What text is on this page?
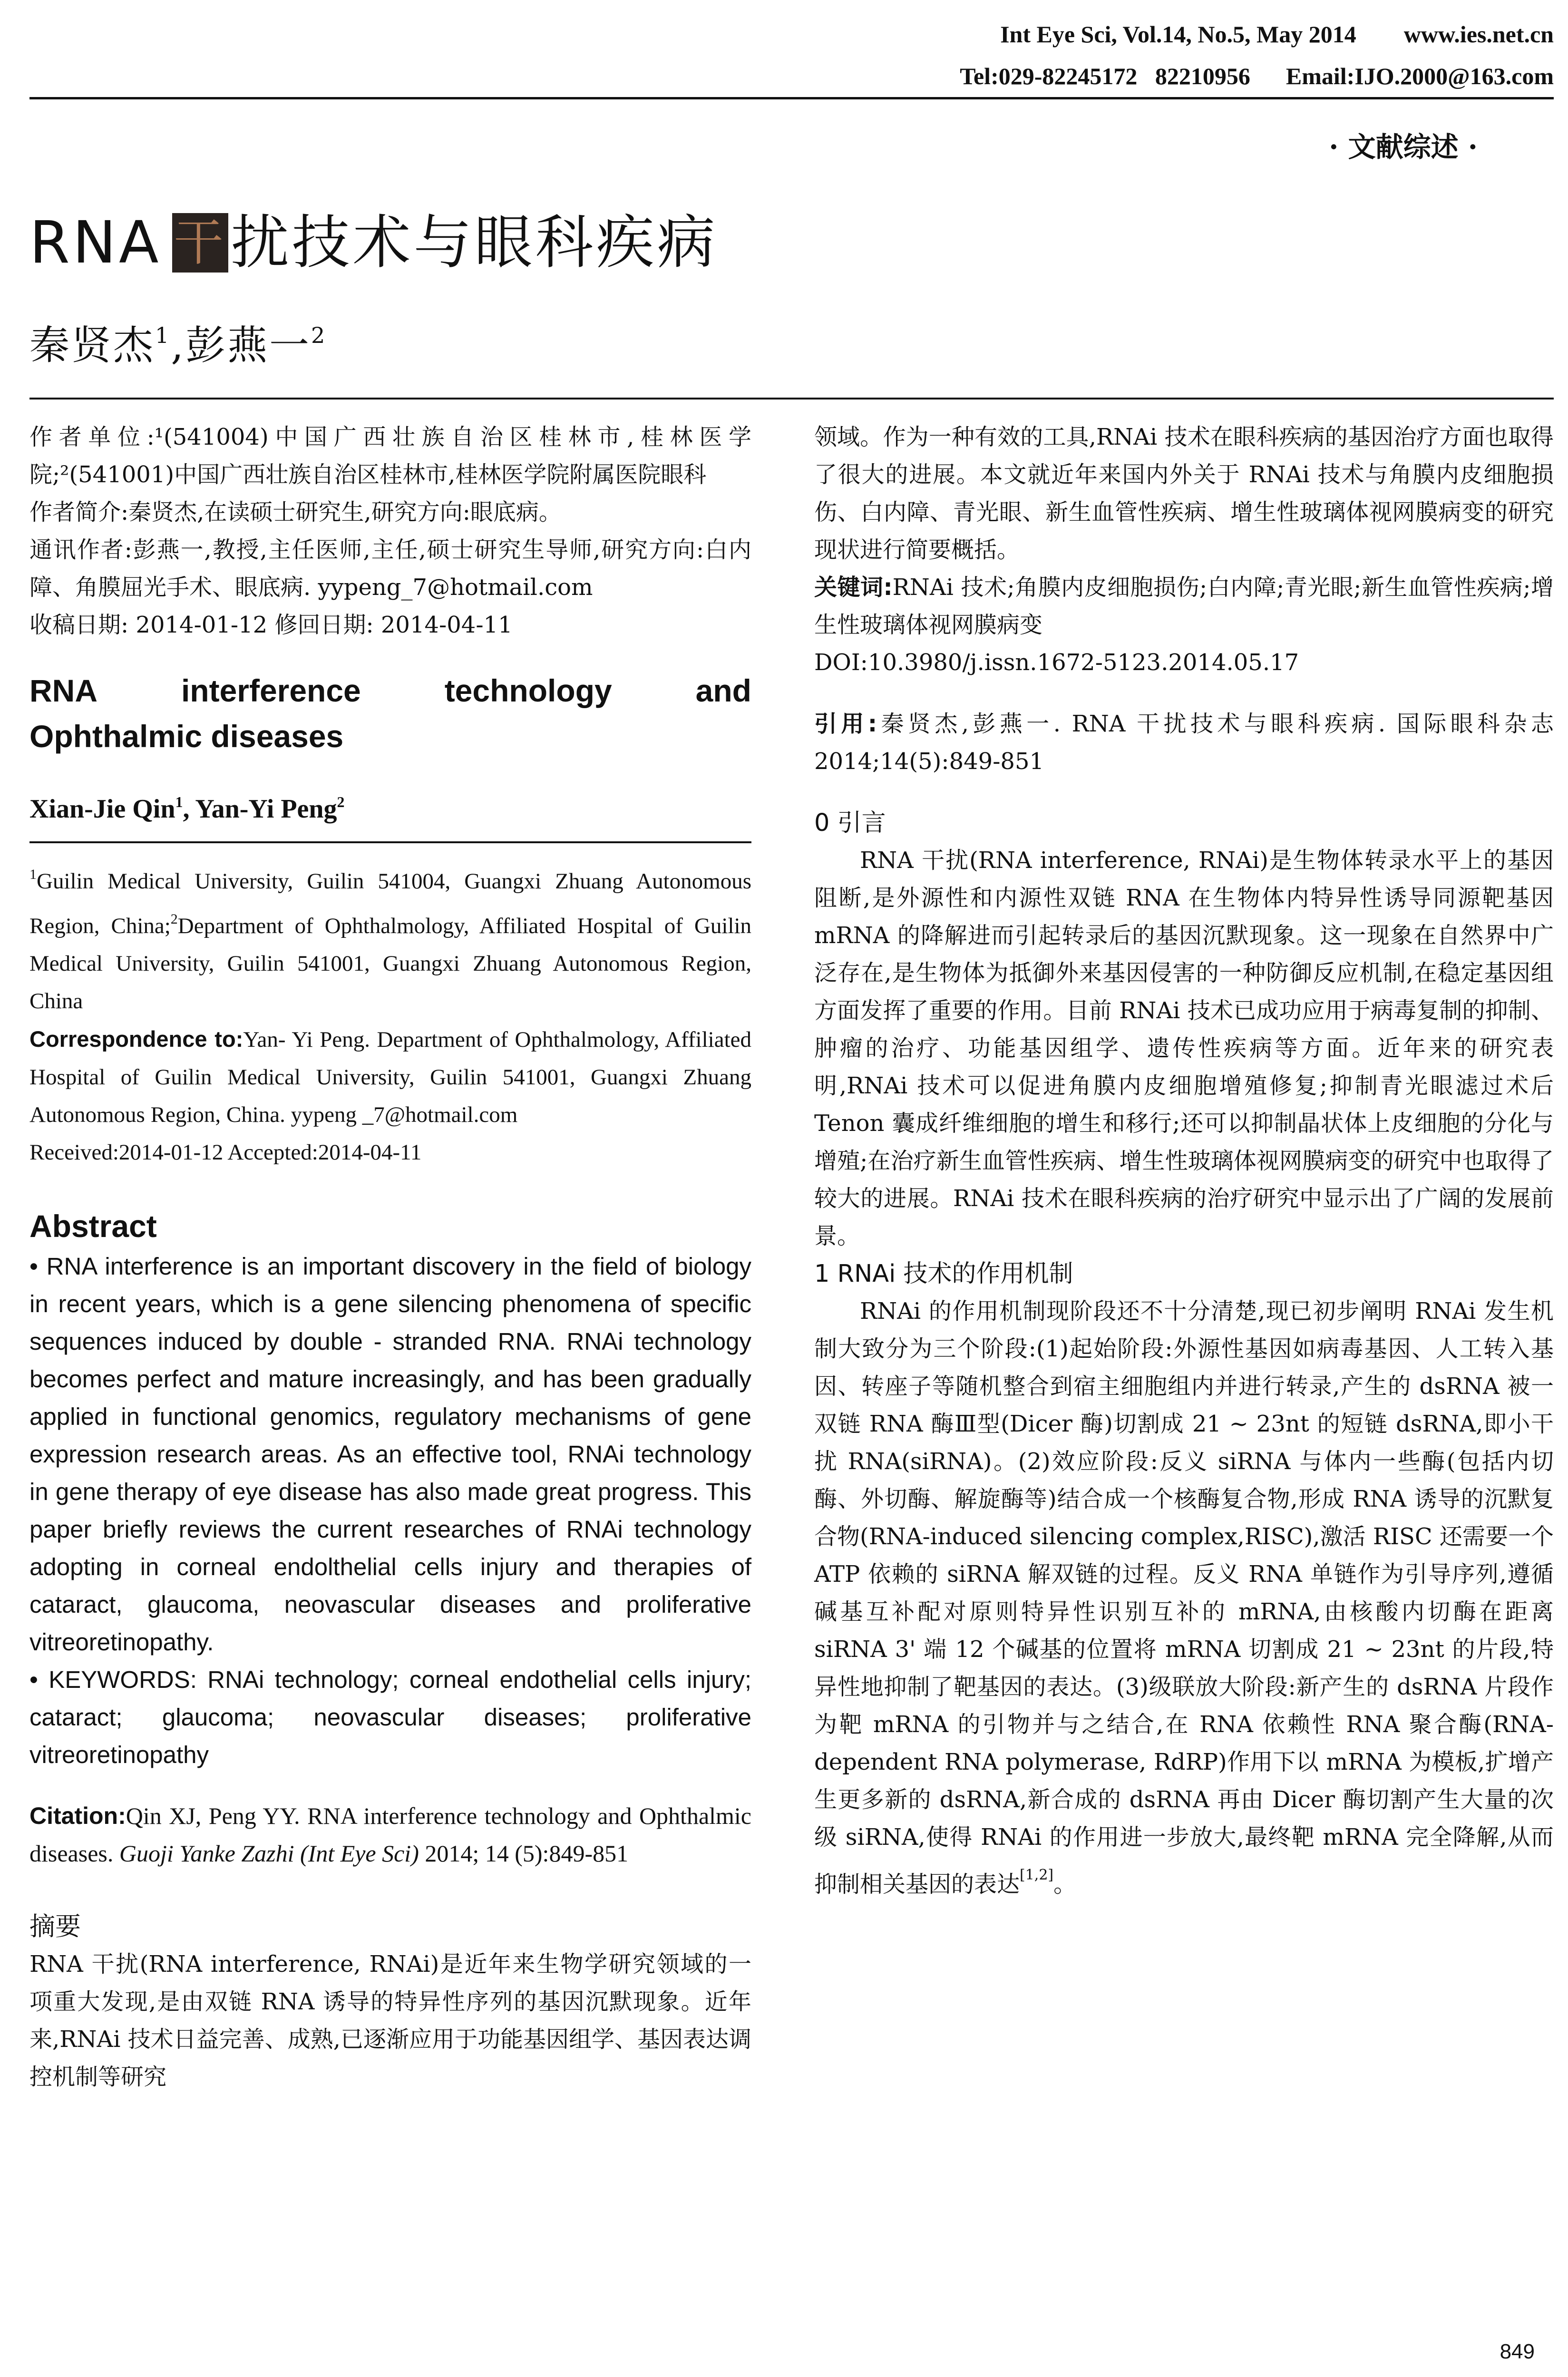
Int Eye Sci, Vol.14, No.5, May 2014        www.ies.net.cn
Tel:029-82245172   82210956      Email:IJO.2000@163.com
· 文献综述 ·
RNA 干 扰技术与眼科疾病
秦贤杰$^1$,彭燕一$^2$

作者单位:¹(541004)中国广西壮族自治区桂林市,桂林医学院;²(541001)中国广西壮族自治区桂林市,桂林医学院附属医院眼科

作者简介:秦贤杰,在读硕士研究生,研究方向:眼底病。

通讯作者:彭燕一,教授,主任医师,主任,硕士研究生导师,研究方向:白内障、角膜屈光手术、眼底病. yypeng_7@hotmail.com

收稿日期: 2014-01-12 修回日期: 2014-04-11

RNA	interference	technology	and
Ophthalmic diseases
Xian-Jie Qin$^1$, Yan-Yi Peng$^2$

$^1$Guilin Medical University, Guilin 541004, Guangxi Zhuang Autonomous Region, China;$^2$Department of Ophthalmology, Affiliated Hospital of Guilin Medical University, Guilin 541001, Guangxi Zhuang Autonomous Region, China

Correspondence to:Yan- Yi Peng. Department of Ophthalmology, Affiliated Hospital of Guilin Medical University, Guilin 541001, Guangxi Zhuang Autonomous Region, China. yypeng _7@hotmail.com

Received:2014-01-12 Accepted:2014-04-11

Abstract

• RNA interference is an important discovery in the field of biology in recent years, which is a gene silencing phenomena of specific sequences induced by double - stranded RNA. RNAi technology becomes perfect and mature increasingly, and has been gradually applied in functional genomics, regulatory mechanisms of gene expression research areas. As an effective tool, RNAi technology in gene therapy of eye disease has also made great progress. This paper briefly reviews the current researches of RNAi technology adopting in corneal endolthelial cells injury and therapies of cataract, glaucoma, neovascular diseases and proliferative vitreoretinopathy.

• KEYWORDS: RNAi technology; corneal endothelial cells injury; cataract; glaucoma; neovascular diseases; proliferative vitreoretinopathy

Citation:Qin XJ, Peng YY. RNA interference technology and Ophthalmic diseases. Guoji Yanke Zazhi (Int Eye Sci) 2014; 14 (5):849-851
摘要
RNA 干扰(RNA interference, RNAi)是近年来生物学研究领域的一项重大发现,是由双链 RNA 诱导的特异性序列的基因沉默现象。近年来,RNAi 技术日益完善、成熟,已逐渐应用于功能基因组学、基因表达调控机制等研究
领域。作为一种有效的工具,RNAi 技术在眼科疾病的基因治疗方面也取得了很大的进展。本文就近年来国内外关于 RNAi 技术与角膜内皮细胞损伤、白内障、青光眼、新生血管性疾病、增生性玻璃体视网膜病变的研究现状进行简要概括。
关键词:RNAi 技术;角膜内皮细胞损伤;白内障;青光眼;新生血管性疾病;增生性玻璃体视网膜病变
DOI:10.3980/j.issn.1672-5123.2014.05.17
引用:秦贤杰,彭燕一. RNA 干扰技术与眼科疾病. 国际眼科杂志 2014;14(5):849-851
0 引言
RNA 干扰(RNA interference, RNAi)是生物体转录水平上的基因阻断,是外源性和内源性双链 RNA 在生物体内特异性诱导同源靶基因 mRNA 的降解进而引起转录后的基因沉默现象。这一现象在自然界中广泛存在,是生物体为抵御外来基因侵害的一种防御反应机制,在稳定基因组方面发挥了重要的作用。目前 RNAi 技术已成功应用于病毒复制的抑制、肿瘤的治疗、功能基因组学、遗传性疾病等方面。近年来的研究表明,RNAi 技术可以促进角膜内皮细胞增殖修复;抑制青光眼滤过术后 Tenon 囊成纤维细胞的增生和移行;还可以抑制晶状体上皮细胞的分化与增殖;在治疗新生血管性疾病、增生性玻璃体视网膜病变的研究中也取得了较大的进展。RNAi 技术在眼科疾病的治疗研究中显示出了广阔的发展前景。
1 RNAi 技术的作用机制
RNAi 的作用机制现阶段还不十分清楚,现已初步阐明 RNAi 发生机制大致分为三个阶段:(1)起始阶段:外源性基因如病毒基因、人工转入基因、转座子等随机整合到宿主细胞组内并进行转录,产生的 dsRNA 被一双链 RNA 酶Ⅲ型(Dicer 酶)切割成 21 ~ 23nt 的短链 dsRNA,即小干扰 RNA(siRNA)。(2)效应阶段:反义 siRNA 与体内一些酶(包括内切酶、外切酶、解旋酶等)结合成一个核酶复合物,形成 RNA 诱导的沉默复合物(RNA-induced silencing complex,RISC),激活 RISC 还需要一个 ATP 依赖的 siRNA 解双链的过程。反义 RNA 单链作为引导序列,遵循碱基互补配对原则特异性识别互补的 mRNA,由核酸内切酶在距离 siRNA 3' 端 12 个碱基的位置将 mRNA 切割成 21 ~ 23nt 的片段,特异性地抑制了靶基因的表达。(3)级联放大阶段:新产生的 dsRNA 片段作为靶 mRNA 的引物并与之结合,在 RNA 依赖性 RNA 聚合酶(RNA-dependent RNA polymerase, RdRP)作用下以 mRNA 为模板,扩增产生更多新的 dsRNA,新合成的 dsRNA 再由 Dicer 酶切割产生大量的次级 siRNA,使得 RNAi 的作用进一步放大,最终靶 mRNA 完全降解,从而抑制相关基因的表达[1,2]。
849
